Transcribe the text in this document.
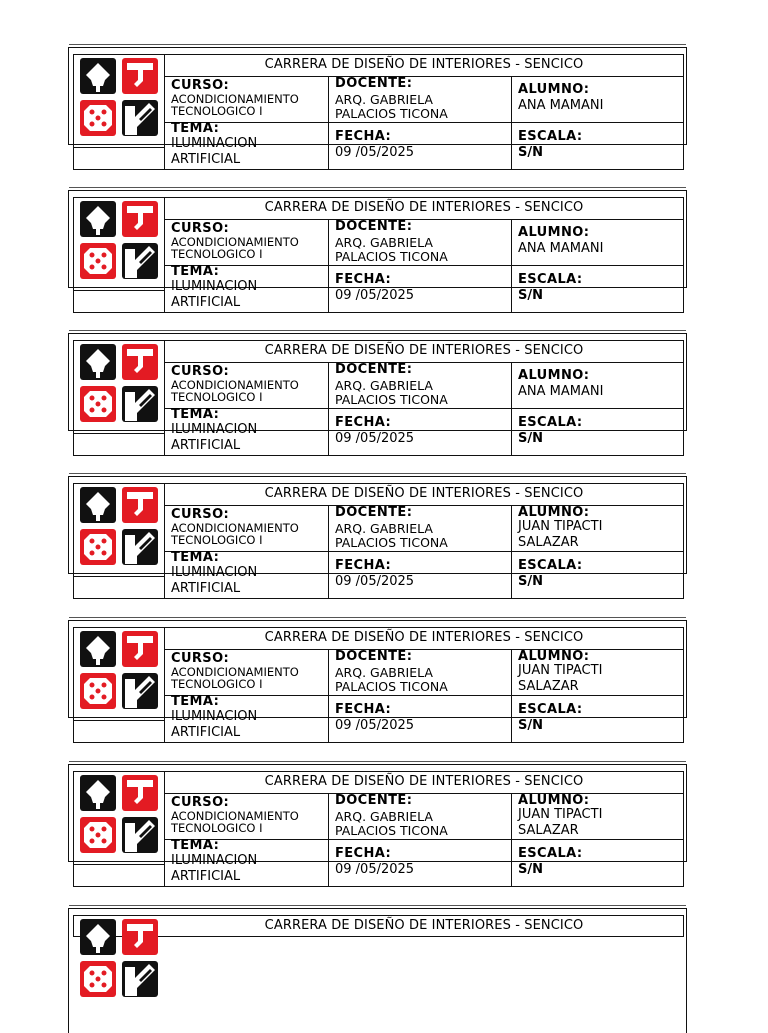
CARRERA DE DISEÑO DE INTERIORES - SENCICO
CURSO:
ACONDICIONAMIENTO
TECNOLOGICO I
DOCENTE:
ARQ. GABRIELA
PALACIOS TICONA
ALUMNO:
ANA MAMANI
TEMA:
ILUMINACION
ARTIFICIAL
FECHA:
09 /05/2025
ESCALA:
S/N
CARRERA DE DISEÑO DE INTERIORES - SENCICO
CURSO:
ACONDICIONAMIENTO
TECNOLOGICO I
DOCENTE:
ARQ. GABRIELA
PALACIOS TICONA
ALUMNO:
ANA MAMANI
TEMA:
ILUMINACION
ARTIFICIAL
FECHA:
09 /05/2025
ESCALA:
S/N
CARRERA DE DISEÑO DE INTERIORES - SENCICO
CURSO:
ACONDICIONAMIENTO
TECNOLOGICO I
DOCENTE:
ARQ. GABRIELA
PALACIOS TICONA
ALUMNO:
ANA MAMANI
TEMA:
ILUMINACION
ARTIFICIAL
FECHA:
09 /05/2025
ESCALA:
S/N
CARRERA DE DISEÑO DE INTERIORES - SENCICO
CURSO:
ACONDICIONAMIENTO
TECNOLOGICO I
DOCENTE:
ARQ. GABRIELA
PALACIOS TICONA
ALUMNO:
JUAN TIPACTI
SALAZAR
TEMA:
ILUMINACION
ARTIFICIAL
FECHA:
09 /05/2025
ESCALA:
S/N
CARRERA DE DISEÑO DE INTERIORES - SENCICO
CURSO:
ACONDICIONAMIENTO
TECNOLOGICO I
DOCENTE:
ARQ. GABRIELA
PALACIOS TICONA
ALUMNO:
JUAN TIPACTI
SALAZAR
TEMA:
ILUMINACION
ARTIFICIAL
FECHA:
09 /05/2025
ESCALA:
S/N
CARRERA DE DISEÑO DE INTERIORES - SENCICO
CURSO:
ACONDICIONAMIENTO
TECNOLOGICO I
DOCENTE:
ARQ. GABRIELA
PALACIOS TICONA
ALUMNO:
JUAN TIPACTI
SALAZAR
TEMA:
ILUMINACION
ARTIFICIAL
FECHA:
09 /05/2025
ESCALA:
S/N
CARRERA DE DISEÑO DE INTERIORES - SENCICO
